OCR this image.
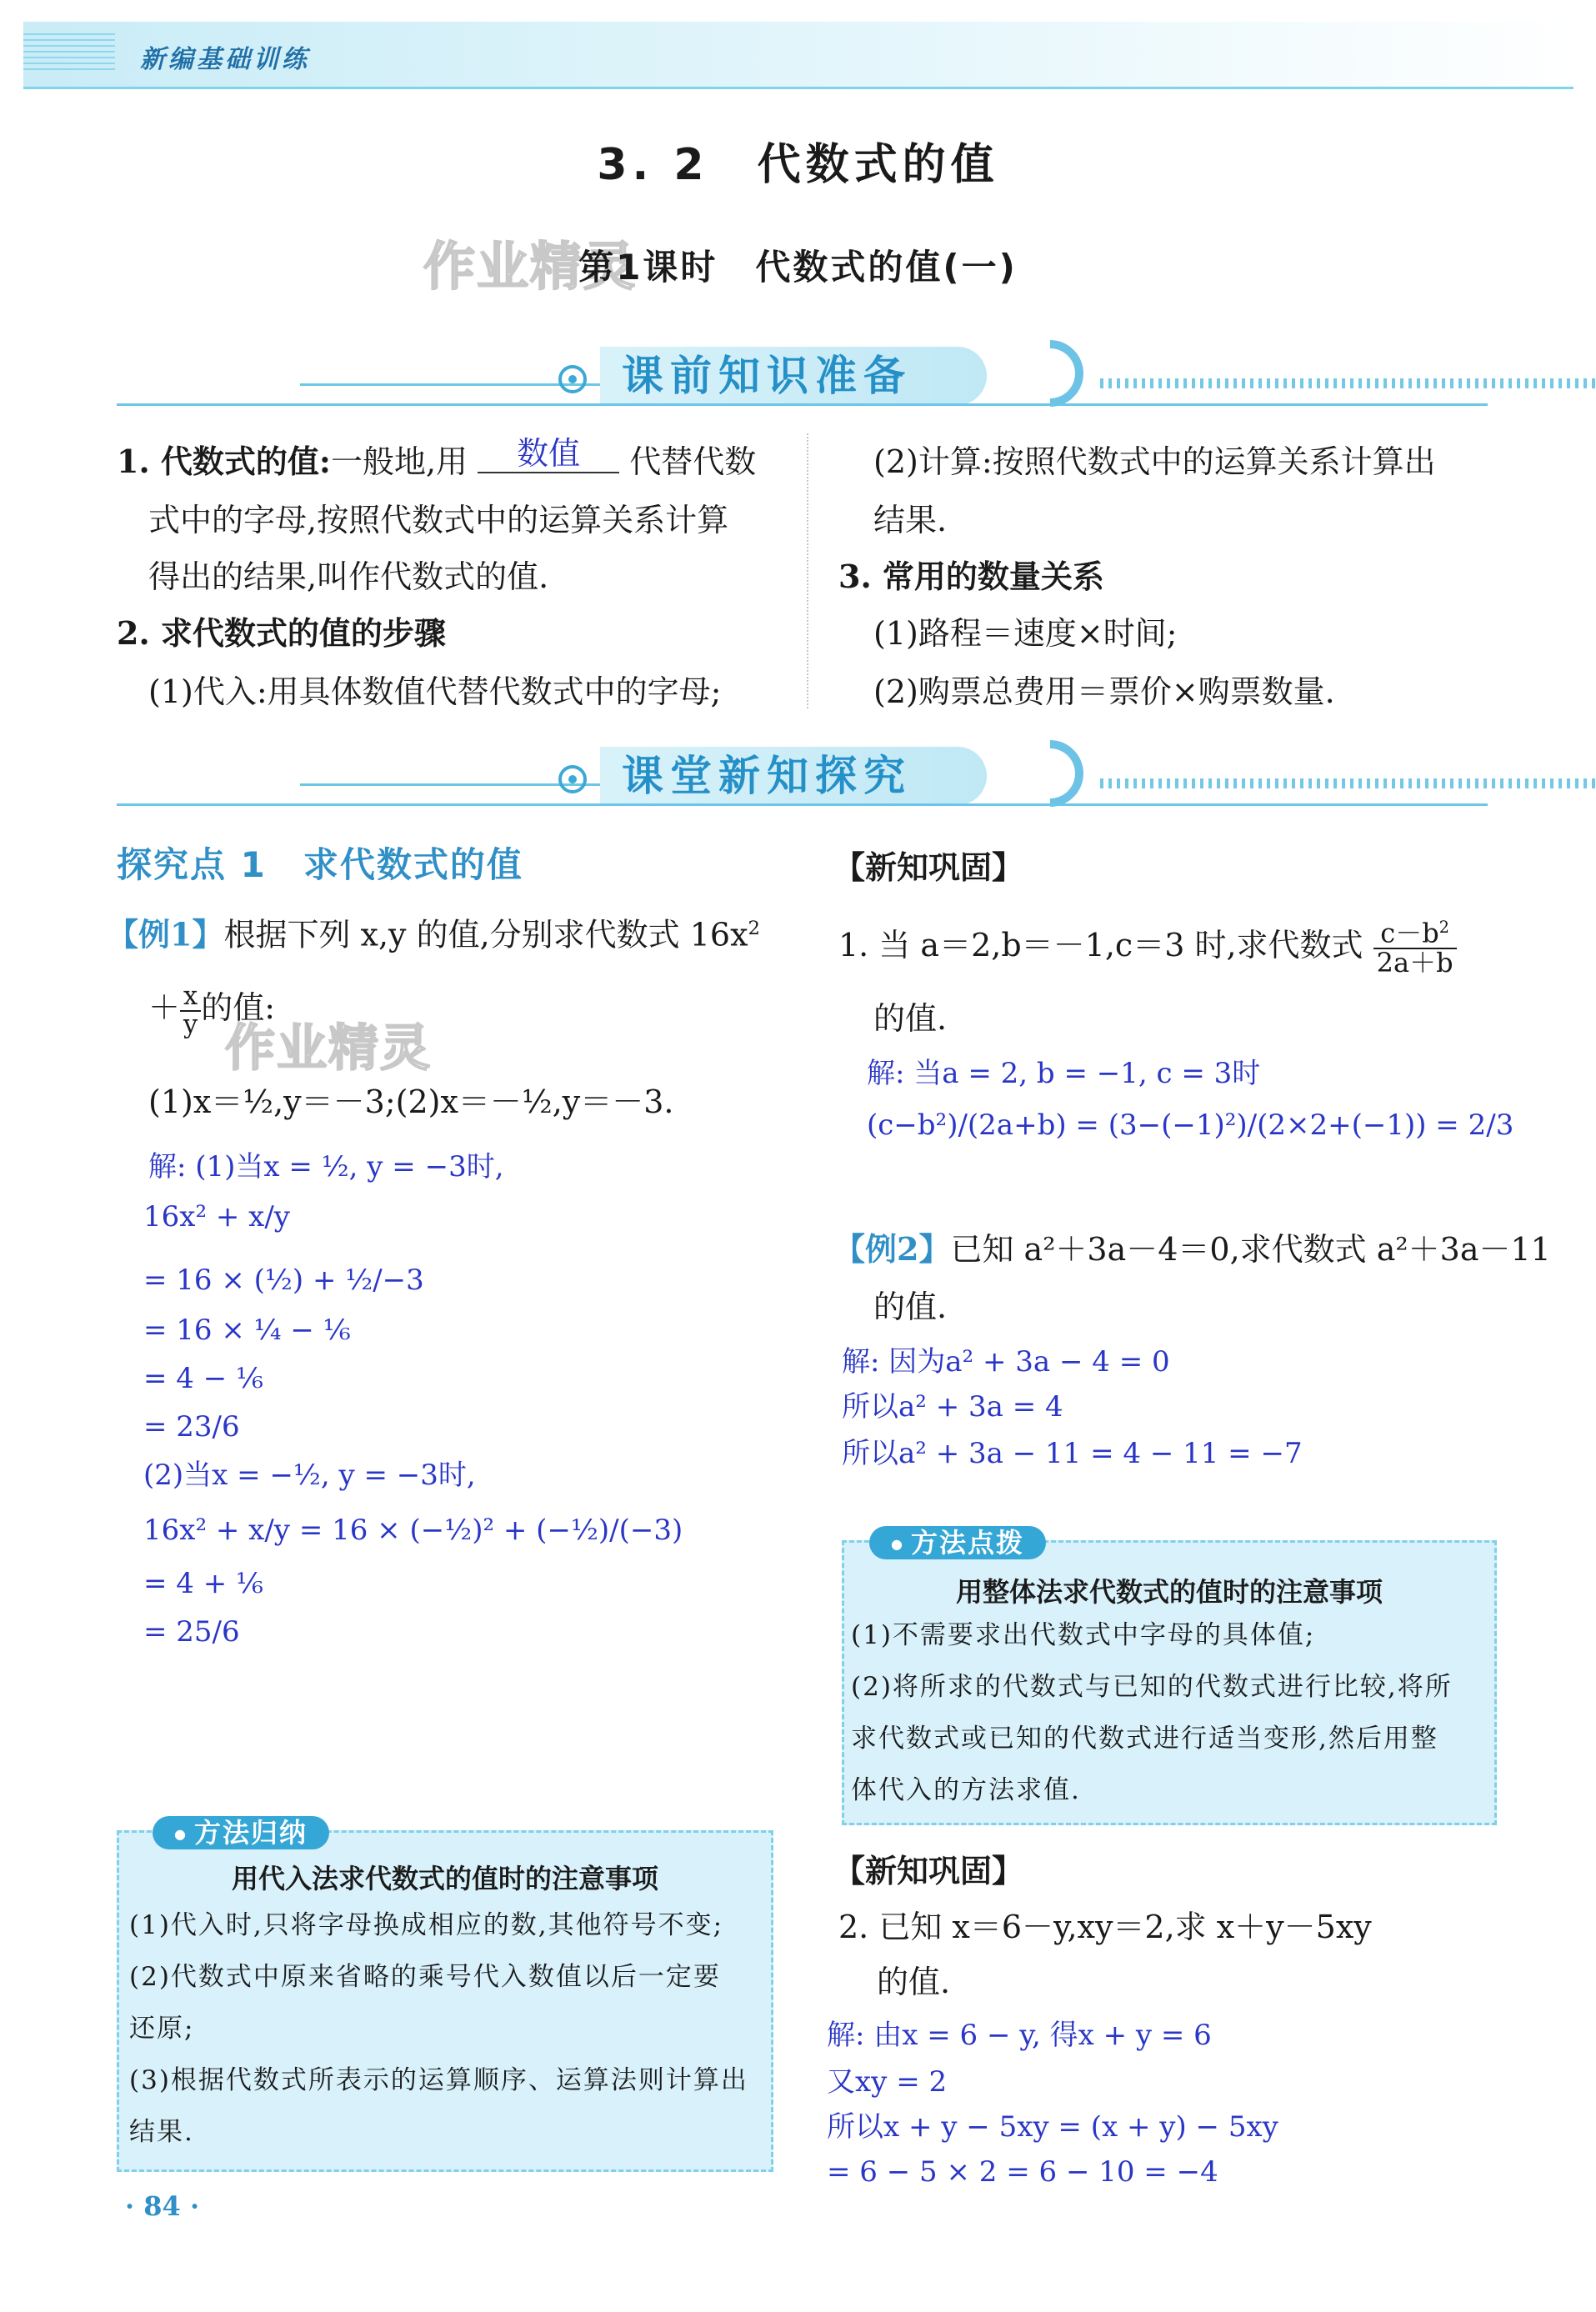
新编基础训练
3. 2　代数式的值
作业精灵
第1课时　代数式的值(一)
课前知识准备
1. 代数式的值:一般地,用 数值 代替代数
式中的字母,按照代数式中的运算关系计算
得出的结果,叫作代数式的值.
2. 求代数式的值的步骤
(1)代入:用具体数值代替代数式中的字母;
(2)计算:按照代数式中的运算关系计算出
结果.
3. 常用的数量关系
(1)路程＝速度×时间;
(2)购票总费用＝票价×购票数量.
课堂新知探究
探究点 1　求代数式的值
【例1】根据下列 x,y 的值,分别求代数式 $16x^2$
＋ $\frac{x}{y}$ 的值:
作业精灵
(1)x＝½,y＝－3;(2)x＝－½,y＝－3.
解: (1)当x = ½, y = −3时,
16x² + x/y
= 16 × (½) + ½/−3
= 16 × ¼ − ⅙
= 4 − ⅙
= 23/6
(2)当x = −½, y = −3时,
16x² + x/y = 16 × (−½)² + (−½)/(−3)
= 4 + ⅙
= 25/6
● 方法归纳
用代入法求代数式的值时的注意事项
(1)代入时,只将字母换成相应的数,其他符号不变;
(2)代数式中原来省略的乘号代入数值以后一定要
还原;
(3)根据代数式所表示的运算顺序、运算法则计算出
结果.
【新知巩固】
1. 当 a＝2,b＝－1,c＝3 时,求代数式 $\frac{c-b^2}{2a+b}$
的值.
解: 当a = 2, b = −1, c = 3时
(c−b²)/(2a+b) = (3−(−1)²)/(2×2+(−1)) = 2/3
【例2】已知 a²＋3a－4＝0,求代数式 a²＋3a－11
的值.
解: 因为a² + 3a − 4 = 0
所以a² + 3a = 4
所以a² + 3a − 11 = 4 − 11 = −7
● 方法点拨
用整体法求代数式的值时的注意事项
(1)不需要求出代数式中字母的具体值;
(2)将所求的代数式与已知的代数式进行比较,将所
求代数式或已知的代数式进行适当变形,然后用整
体代入的方法求值.
【新知巩固】
2. 已知 x＝6－y,xy＝2,求 x＋y－5xy
的值.
解: 由x = 6 − y, 得x + y = 6
又xy = 2
所以x + y − 5xy = (x + y) − 5xy
= 6 − 5 × 2 = 6 − 10 = −4
· 84 ·
